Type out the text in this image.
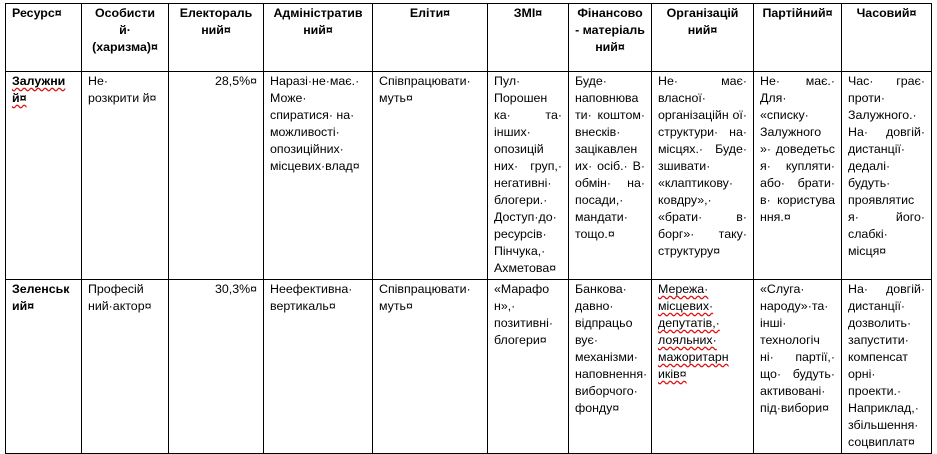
Ресурс¤	Особисти й· (харизма)¤	Електораль ний¤	Адміністратив ний¤	Еліти¤	ЗМІ¤	Фінансово - матеріаль ний¤	Організацій ний¤	Партійний¤	Часовий¤
Залужни й¤	Не· розкрити й¤	28,5%¤	Наразі·не·має.· Може· спиратися· на· можливості· опозиційних· місцевих·влад¤	Співпрацювати· муть¤	Пул· Порошен ка· та· інших· опозицій них· груп,· негативні· блогери.· Доступ·до· ресурсів· Пінчука,· Ахметова¤	Буде· наповнюва ти· коштом· внесків· зацікавлен их· осіб.· В· обмін· на· посади,· мандати· тощо.¤	Не· має· власної· організаційн ої· структури· на· місцях.· Буде· зшивати· «клаптикову· ковдру»,· «брати· в· борг»· таку· структуру¤	Не· має.· Для· «списку· Залужного »· доведетьс я· купляти· або· брати· в· користува ння.¤	Час· грає· проти· Залужного.· На· довгій· дистанції· дедалі· будуть· проявлятис я· його· слабкі· місця¤
Зеленськ ий¤	Професій ний·актор¤	30,3%¤	Неефективна· вертикаль¤	Співпрацювати· муть¤	«Марафо н»,· позитивні· блогери¤	Банкова· давно· відпрацьо вує· механізми· наповнення· виборчого· фонду¤	Мережа· місцевих· депутатів,· лояльних· мажоритарн иків¤	«Слуга· народу»·та· інші· технологіч ні· партії,· що· будуть· активовані· під·вибори¤	На· довгій· дистанції· дозволить· запустити· компенсат орні· проекти.· Наприклад,· збільшення· соцвиплат¤
